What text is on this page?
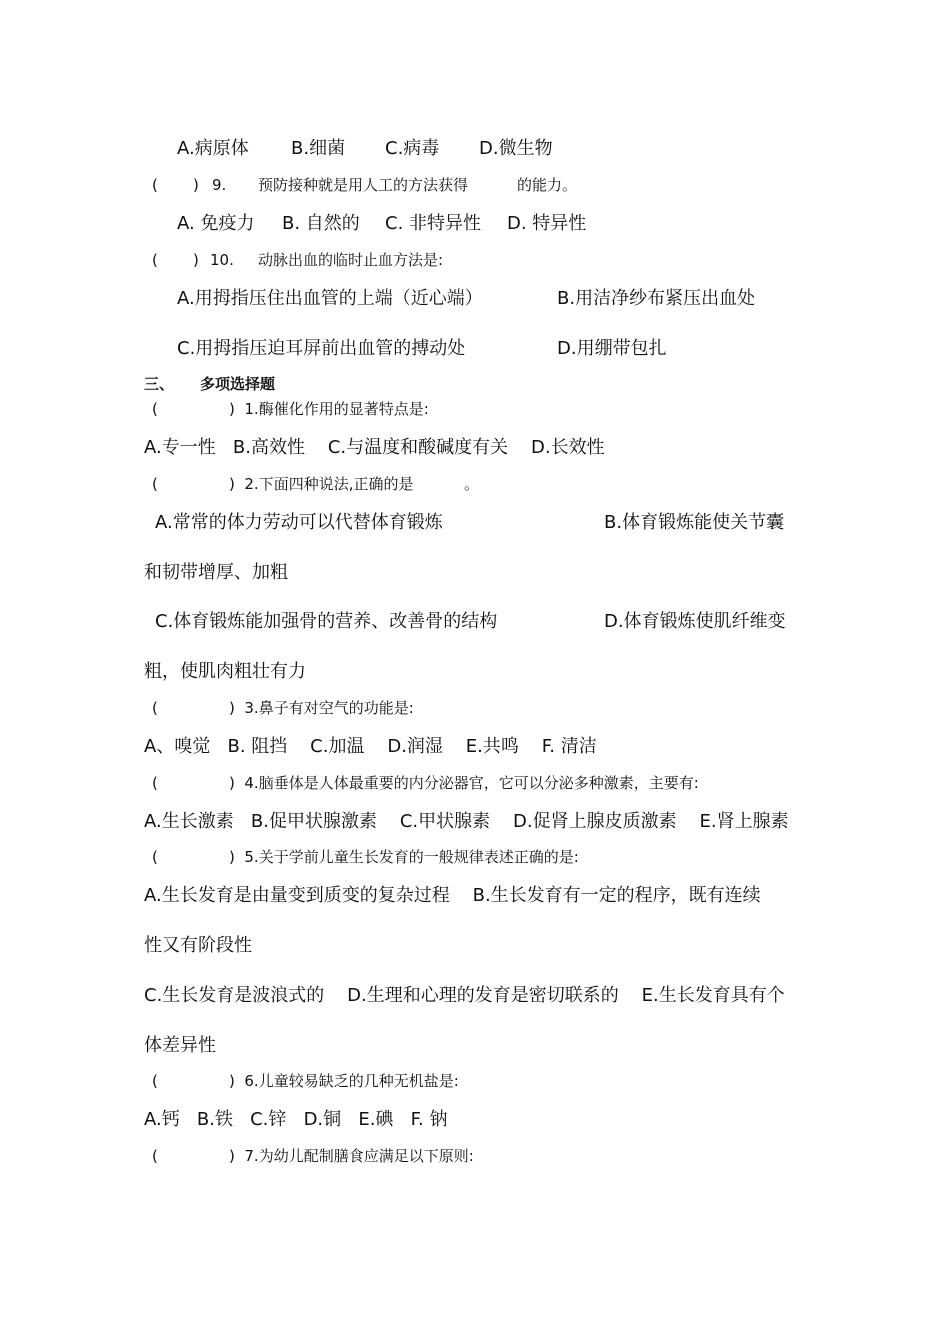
A.病原体 B.细菌 C.病毒 D.微生物
( ) 9. 预防接种就是用人工的方法获得	的能力。
A. 免疫力 B. 自然的 C. 非特异性 D. 特异性
( ) 10. 动脉出血的临时止血方法是:
A.用拇指压住出血管的上端（近心端）	B.用洁净纱布紧压出血处
C.用拇指压迫耳屏前出血管的搏动处	D.用绷带包扎
三、 多项选择题
(	)  1.酶催化作用的显著特点是:
A.专一性   B.高效性    C.与温度和酸碱度有关    D.长效性
(	)  2.下面四种说法,正确的是	。
A.常常的体力劳动可以代替体育锻炼	B.体育锻炼能使关节囊
和韧带增厚、加粗
C.体育锻炼能加强骨的营养、改善骨的结构	D.体育锻炼使肌纤维变
粗，使肌肉粗壮有力
(	)  3.鼻子有对空气的功能是:
A、嗅觉   B. 阻挡    C.加温    D.润湿    E.共鸣    F. 清洁
(	)  4.脑垂体是人体最重要的内分泌器官，它可以分泌多种激素，主要有:
A.生长激素   B.促甲状腺激素    C.甲状腺素    D.促肾上腺皮质激素    E.肾上腺素
(	)  5.关于学前儿童生长发育的一般规律表述正确的是:
A.生长发育是由量变到质变的复杂过程    B.生长发育有一定的程序，既有连续
性又有阶段性
C.生长发育是波浪式的    D.生理和心理的发育是密切联系的    E.生长发育具有个
体差异性
(	)  6.儿童较易缺乏的几种无机盐是:
A.钙   B.铁   C.锌   D.铜   E.碘   F. 钠
(	)  7.为幼儿配制膳食应满足以下原则:
